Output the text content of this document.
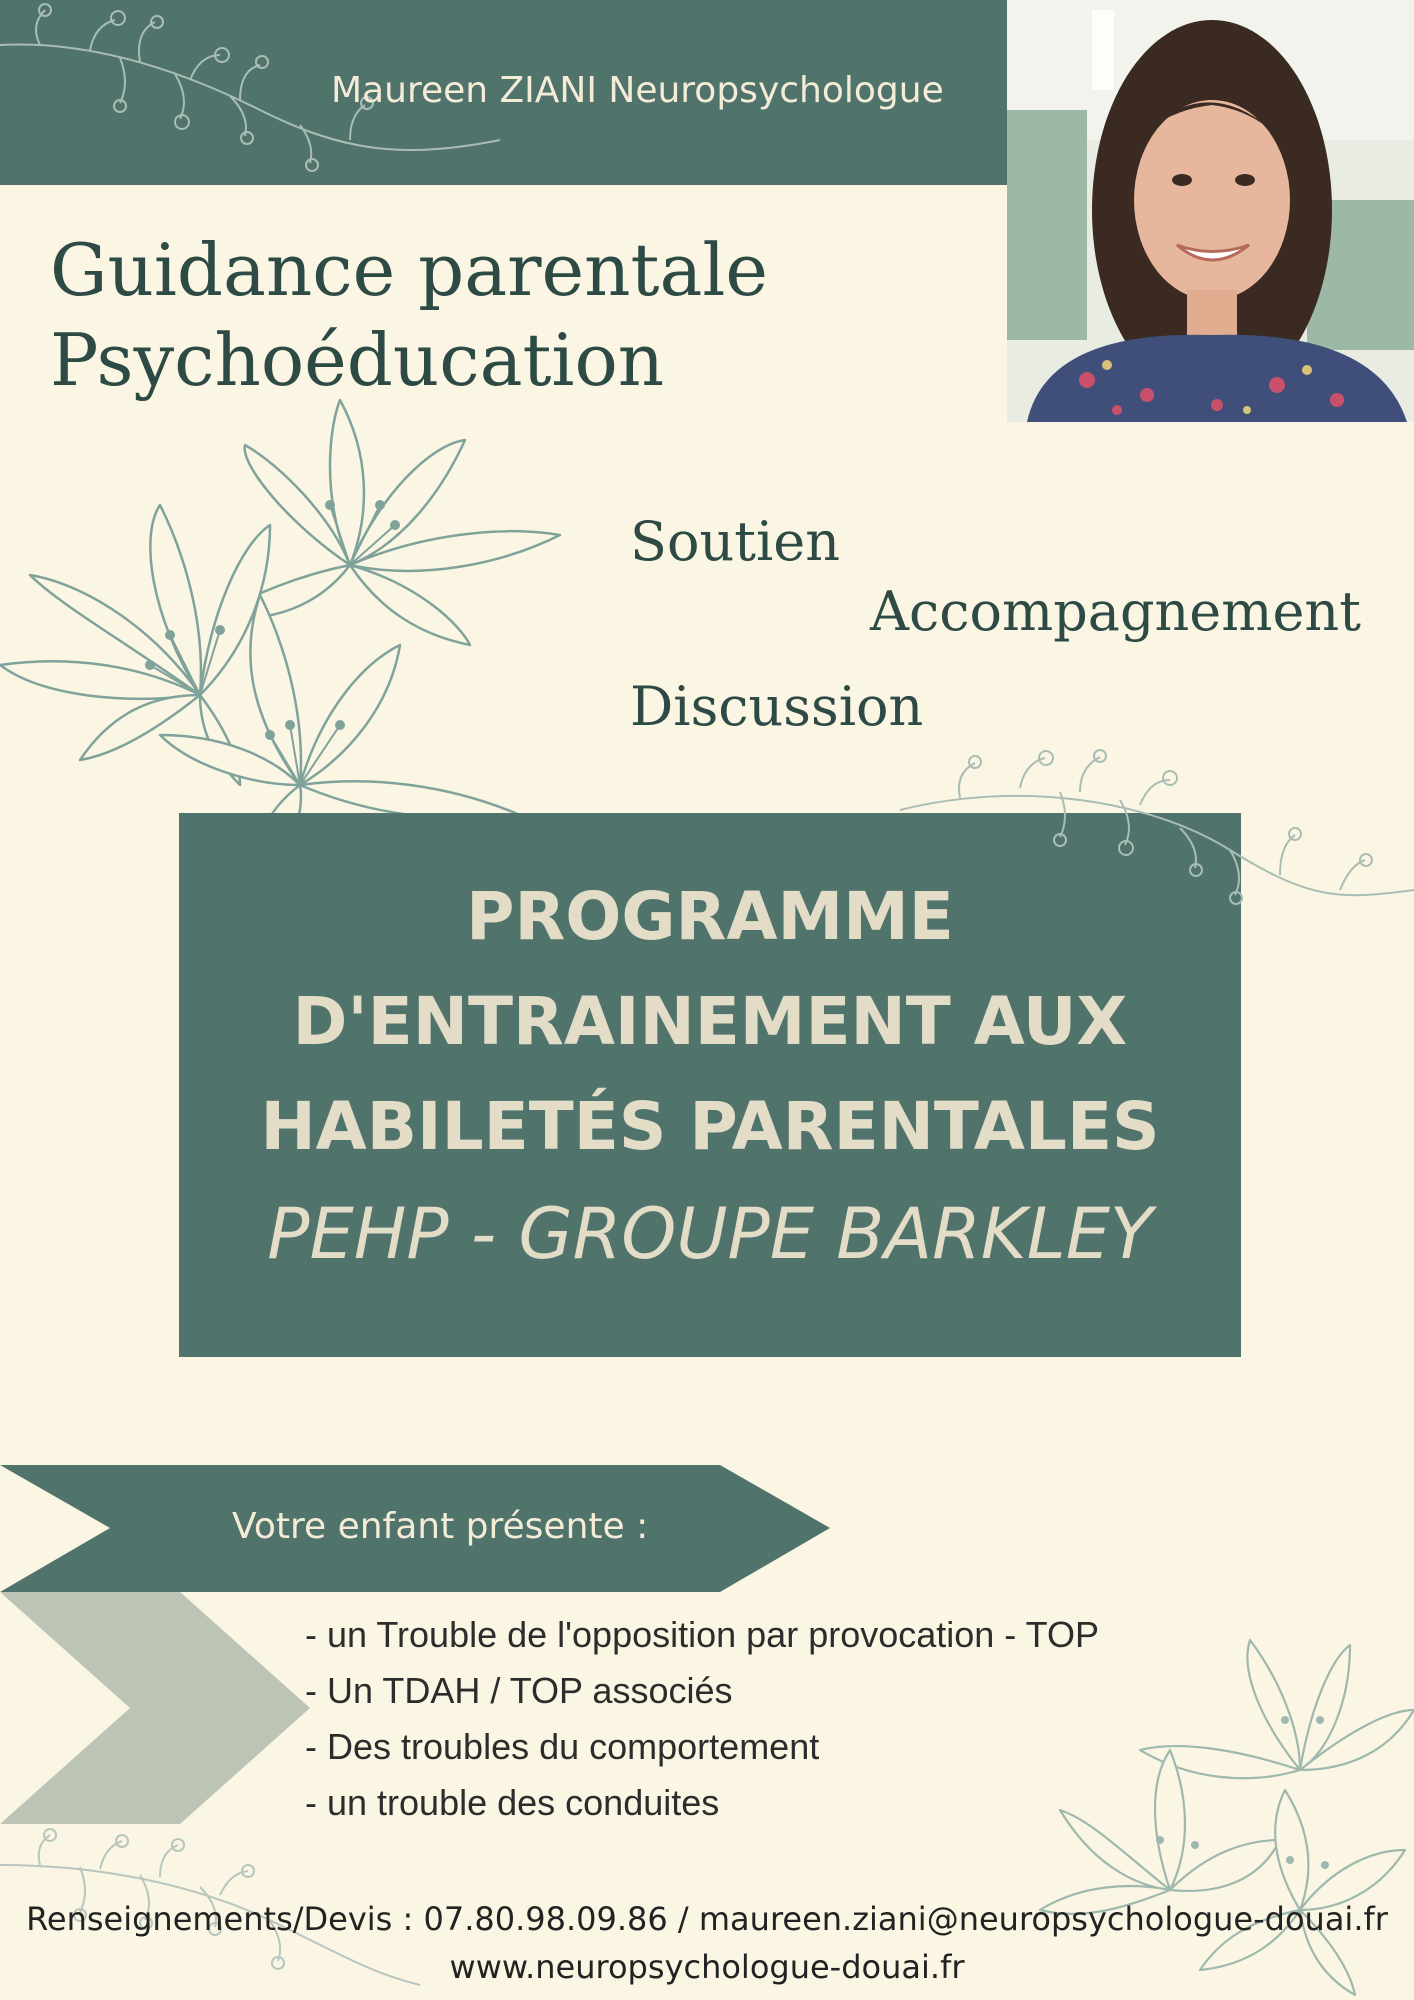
Maureen ZIANI Neuropsychologue
Guidance parentale
Psychoéducation
Soutien
Accompagnement
Discussion
PROGRAMME
D'ENTRAINEMENT AUX
HABILETÉS PARENTALES
PEHP - GROUPE BARKLEY
Votre enfant présente :
- un Trouble de l'opposition par provocation - TOP
- Un TDAH / TOP associés
- Des troubles du comportement
- un trouble des conduites
Renseignements/Devis : 07.80.98.09.86 / maureen.ziani@neuropsychologue-douai.fr
www.neuropsychologue-douai.fr
